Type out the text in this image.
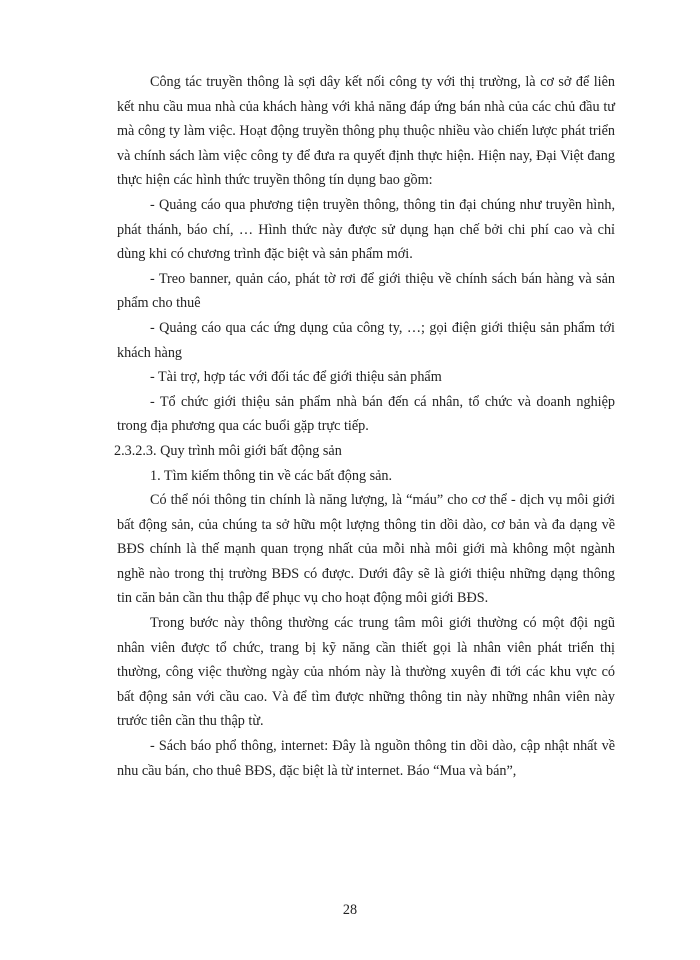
Công tác truyền thông là sợi dây kết nối công ty với thị trường, là cơ sở để liên kết nhu cầu mua nhà của khách hàng với khả năng đáp ứng bán nhà của các chủ đầu tư mà công ty làm việc. Hoạt động truyền thông phụ thuộc nhiều vào chiến lược phát triển và chính sách làm việc công ty để đưa ra quyết định thực hiện. Hiện nay, Đại Việt đang thực hiện các hình thức truyền thông tín dụng bao gồm:

- Quảng cáo qua phương tiện truyền thông, thông tin đại chúng như truyền hình, phát thánh, báo chí, … Hình thức này được sử dụng hạn chế bởi chi phí cao và chỉ dùng khi có chương trình đặc biệt và sản phẩm mới.

- Treo banner, quản cáo, phát tờ rơi để giới thiệu về chính sách bán hàng và sản phẩm cho thuê

- Quảng cáo qua các ứng dụng của công ty, …; gọi điện giới thiệu sản phẩm tới khách hàng

- Tài trợ, hợp tác với đối tác để giới thiệu sản phẩm

- Tổ chức giới thiệu sản phẩm nhà bán đến cá nhân, tổ chức và doanh nghiệp trong địa phương qua các buổi gặp trực tiếp.

2.3.2.3. Quy trình môi giới bất động sản

1. Tìm kiếm thông tin về các bất động sản.

Có thể nói thông tin chính là năng lượng, là “máu” cho cơ thể - dịch vụ môi giới bất động sản, của chúng ta sở hữu một lượng thông tin dồi dào, cơ bản và đa dạng về BĐS chính là thế mạnh quan trọng nhất của mỗi nhà môi giới mà không một ngành nghề nào trong thị trường BĐS có được. Dưới đây sẽ là giới thiệu những dạng thông tin căn bản cần thu thập để phục vụ cho hoạt động môi giới BĐS.

Trong bước này thông thường các trung tâm môi giới thường có một đội ngũ nhân viên được tổ chức, trang bị kỹ năng cần thiết gọi là nhân viên phát triển thị thường, công việc thường ngày của nhóm này là thường xuyên đi tới các khu vực có bất động sản với cầu cao. Và để tìm được những thông tin này những nhân viên này trước tiên cần thu thập từ.

- Sách báo phổ thông, internet: Đây là nguồn thông tin dồi dào, cập nhật nhất về nhu cầu bán, cho thuê BĐS, đặc biệt là từ internet. Báo “Mua và bán”,

28
